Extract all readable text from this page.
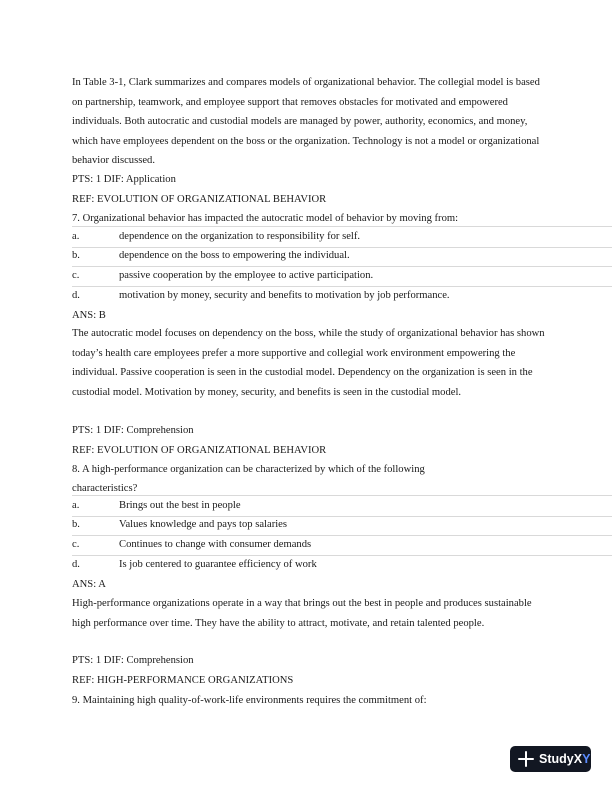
In Table 3-1, Clark summarizes and compares models of organizational behavior. The collegial model is based on partnership, teamwork, and employee support that removes obstacles for motivated and empowered individuals. Both autocratic and custodial models are managed by power, authority, economics, and money, which have employees dependent on the boss or the organization. Technology is not a model or organizational behavior discussed.
PTS: 1 DIF: Application
REF: EVOLUTION OF ORGANIZATIONAL BEHAVIOR
7. Organizational behavior has impacted the autocratic model of behavior by moving from:
a.	dependence on the organization to responsibility for self.
b.	dependence on the boss to empowering the individual.
c.	passive cooperation by the employee to active participation.
d.	motivation by money, security and benefits to motivation by job performance.
ANS: B
The autocratic model focuses on dependency on the boss, while the study of organizational behavior has shown today’s health care employees prefer a more supportive and collegial work environment empowering the individual. Passive cooperation is seen in the custodial model. Dependency on the organization is seen in the custodial model. Motivation by money, security, and benefits is seen in the custodial model.
PTS: 1 DIF: Comprehension
REF: EVOLUTION OF ORGANIZATIONAL BEHAVIOR
8. A high-performance organization can be characterized by which of the following
characteristics?
a.	Brings out the best in people
b.	Values knowledge and pays top salaries
c.	Continues to change with consumer demands
d.	Is job centered to guarantee efficiency of work
ANS: A
High-performance organizations operate in a way that brings out the best in people and produces sustainable high performance over time. They have the ability to attract, motivate, and retain talented people.
PTS: 1 DIF: Comprehension
REF: HIGH-PERFORMANCE ORGANIZATIONS
9. Maintaining high quality-of-work-life environments requires the commitment of:
StudyXY
